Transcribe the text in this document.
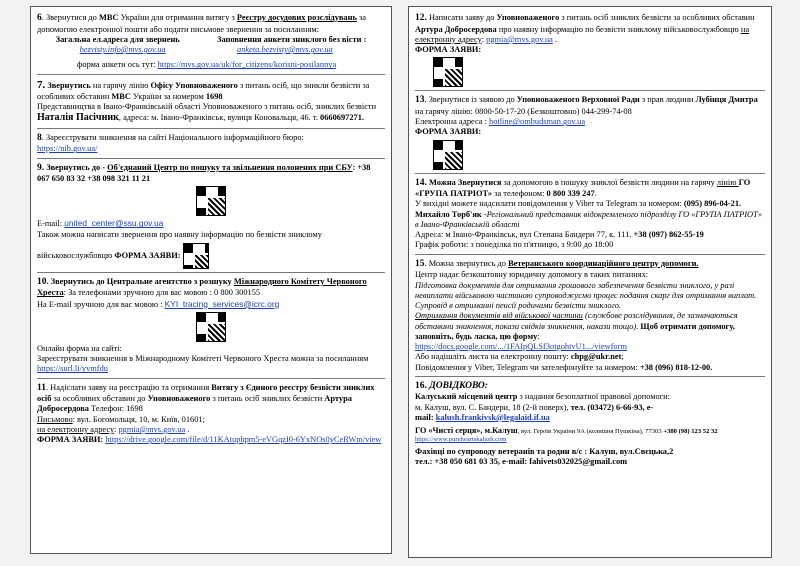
6. Звернутися до МВС України для отримання витягу з Реєстру досудових розслідувань за допомогою електронної пошти або подати письмове звернення за посиланням:
Загальна ел.адреса для звернень
bezvisty.info@mvs.gov.ua
Заповнення анкети зниклого без вісти :
anketa.bezvisty@mvs.gov.ua
форма анкети ось тут: https://mvs.gov.ua/uk/for_citizens/korisni-posilannya
7. Звернутись на гарячу лінію Офісу Уповноваженого з питань осіб, що зникли безвісти за особливих обставин МВС України за номером 1698
Представництва в Івано-Франківській області Уповноваженого з питань осіб, зниклих безвісти Наталія Пасічник, адреса: м. Івано-Франківськ, вулиця Коновальця, 46. т. 0660697271.
8. Зареєструвати зникнення на сайті Національного інформаційного бюро:
https://nib.gov.ua/
9. Звернутись до - Об'єднаний Центр по пошуку та звільнення полонених при СБУ: +38 067 650 83 32 +38 098 321 11 21
E-mail: united_center@ssu.gov.ua
Також можна написати звернення про наявну інформацію по безвісти зниклому
військовослужбовцю ФОРМА ЗАЯВИ:
10. Звернутись до Центральне агентство з розшуку Міжнародного Комітету Червоного Хреста: За телефонами зручною для вас мовою : 0 800 300155
На E-mail зручною для вас мовою : KYI_tracing_services@icrc.org
Онлайн форма на сайті:
Зареєструвати зникнення в Міжнародному Комітеті Червоного Хреста можна за посиланням https://surl.li/yvmfdu
11. Надіслати заяву на реєстрацію та отримання Витягу з Єдиного реєстру безвісти зниклих осіб за особливих обставин до Уповноваженого з питань осіб зниклих безвісти Артура Добросердова Телефон: 1698
Письмово: вул. Богомольця, 10, м. Київ, 01601;
на електронну адресу: pgmia@mvs.gov.ua .
ФОРМА ЗАЯВИ: https://drive.google.com/file/d/11KAtuphpm5-eVGqzI0-6YxNOs0yCeRWm/view
12. Написати заяву до Уповноваженого з питань осіб зниклих безвісти за особливих обставин Артура Добросердова про наявну інформацію по безвісти зниклому військовослужбовцю на електронну адресу: pgmia@mvs.gov.ua .
ФОРМА ЗАЯВИ:
13. Звернутися із заявою до Уповноваженого Верховної Ради з прав людини Лубінця Дмитра на гарячу лінію: 0800-50-17-20 (Безкоштовно) 044-299-74-08
Електронна адреса : hotline@ombudsman.gov.ua
ФОРМА ЗАЯВИ:
14. Можна Звернутися за допомогою в пошуку зниклої безвісти людини на гарячу лінію ГО «ГРУПА ПАТРІОТ» за телефоном: 0 800 339 247.
У вихідні можете надсилати повідомлення у Viber та Telegram за номером: (095) 896-04-21. Михайло Торб'як -Регіональний представник відокремленого підрозділу ГО «ГРУПА ПАТРІОТ» в Івано-Франківській області
Адреса: м Івано-Франківськ, вул Степана Бандери 77, к. 111. +38 (097) 862-55-19
Графік роботи: з понеділка по п'ятницю, з 9:00 до 18:00
15. Можна звернутись до Ветеранського координаційного центру допомоги.
Центр надає безкоштовну юридичну допомогу в таких питаннях:
Підготовка документів для отримання грошового забезпечення безвісти зниклого, у разі невиплати військовою частиною супроводжуємо процес подання скарг для отримання виплат. Супровід в отриманні пенсії родичами безвісти зниклого.
Отримання документів від військової частини (службове розслідування, де зазначаються обставини зникнення, покази свідків зникнення, накази тощо). Щоб отримати допомогу, заповніть, будь ласка, цю форму:
https://docs.google.com/.../1FAIpQLSf3otgohtvU1.../viewform
Або надішліть листа на електронну пошту: chpg@ukr.net;
Повідомлення у Viber, Telegram чи зателефонуйте за номером: +38 (096) 818-12-00.
16. ДОВІДКОВО:
Калуський місцевий центр з надання безоплатної правової допомоги:
м. Калуш, вул. С. Бандери, 18 (2-й поверх), тел. (03472) 6-66-93, e-
mail: kalush.frankivsk@legalaid.if.ua
ГО «Чисті серця», м.Калуш, вул. Героїв України 9А (колишня Пушкіна), 77303 +380 (98) 123 52 32
https://www.pureheartskalush.com
Фахівці по супроводу ветеранів та родин в/с : Калуш, вул.Свєцька,2
тел.: +38 050 681 03 35, e-mail: fahivets032025@gmail.com
